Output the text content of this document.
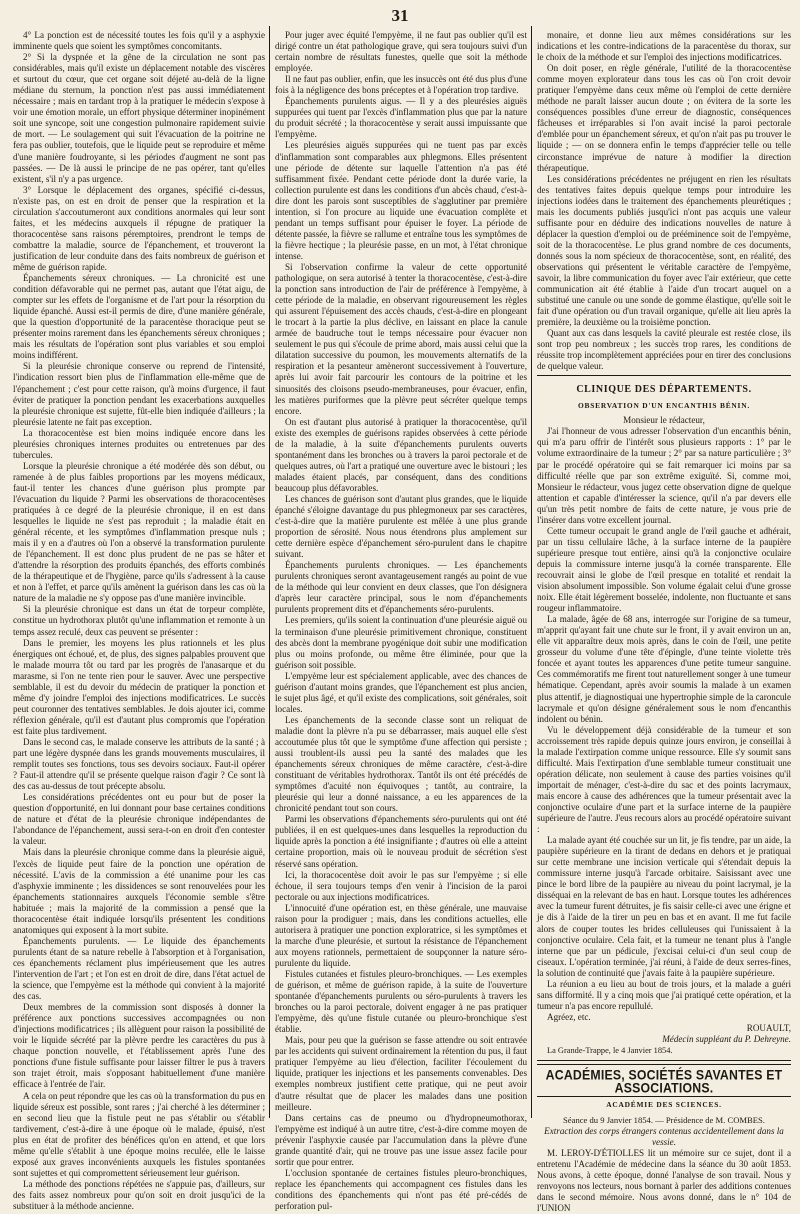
31

4° La ponction est de nécessité toutes les fois qu'il y a asphyxie imminente quels que soient les symptômes concomitants.

2° Si la dyspnée et la gêne de la circulation ne sont pas considérables, mais qu'il existe un déplacement notable des viscères et surtout du cœur, que cet organe soit déjeté au-delà de la ligne médiane du sternum, la ponction n'est pas aussi immédiatement nécessaire ; mais en tardant trop à la pratiquer le médecin s'expose à voir une émotion morale, un effort physique déterminer inopinément soit une syncope, soit une congestion pulmonaire rapidement suivie de mort. — Le soulagement qui suit l'évacuation de la poitrine ne fera pas oublier, toutefois, que le liquide peut se reproduire et même d'une manière foudroyante, si les périodes d'augment ne sont pas passées. — De là aussi le principe de ne pas opérer, tant qu'elles existent, s'il n'y a pas urgence.

3° Lorsque le déplacement des organes, spécifié ci-dessus, n'existe pas, on est en droit de penser que la respiration et la circulation s'accoutumeront aux conditions anormales qui leur sont faites, et les médecins auxquels il répugne de pratiquer la thoracocentèse sans raisons péremptoires, prendront le temps de combattre la maladie, source de l'épanchement, et trouveront la justification de leur conduite dans des faits nombreux de guérison et même de guérison rapide.

Épanchements séreux chroniques. — La chronicité est une condition défavorable qui ne permet pas, autant que l'état aigu, de compter sur les effets de l'organisme et de l'art pour la résorption du liquide épanché. Aussi est-il permis de dire, d'une manière générale, que la question d'opportunité de la paracentèse thoracique peut se présenter moins rarement dans les épanchements séreux chroniques ; mais les résultats de l'opération sont plus variables et sou emploi moins indifférent.

Si la pleurésie chronique conserve ou reprend de l'intensité, l'indication ressort bien plus de l'inflammation elle-même que de l'épanchement ; c'est pour cette raison, qu'à moins d'urgence, il faut éviter de pratiquer la ponction pendant les exacerbations auxquelles la pleurésie chronique est sujette, fût-elle bien indiquée d'ailleurs ; la pleurésie latente ne fait pas exception.

La thoracocentèse est bien moins indiquée encore dans les pleurésies chroniques internes produites ou entretenues par des tubercules.

Lorsque la pleurésie chronique a été modérée dès son début, ou ramenée à de plus faibles proportions par les moyens médicaux, faut-il tenter les chances d'une guérison plus prompte par l'évacuation du liquide ? Parmi les observations de thoracocentèses pratiquées à ce degré de la pleurésie chronique, il en est dans lesquelles le liquide ne s'est pas reproduit ; la maladie était en général récente, et les symptômes d'inflammation presque nuls ; mais il y en a d'autres où l'on a observé la transformation purulente de l'épanchement. Il est donc plus prudent de ne pas se hâter et d'attendre la résorption des produits épanchés, des efforts combinés de la thérapeutique et de l'hygiène, parce qu'ils s'adressent à la cause et non à l'effet, et parce qu'ils amènent la guérison dans les cas où la nature de la maladie ne s'y oppose pas d'une manière invincible.

Si la pleurésie chronique est dans un état de torpeur complète, constitue un hydrothorax plutôt qu'une inflammation et remonte à un temps assez reculé, deux cas peuvent se présenter :

Dans le premier, les moyens les plus rationnels et les plus énergiques ont échoué, et, de plus, des signes palpables prouvent que le malade mourra tôt ou tard par les progrès de l'anasarque et du marasme, si l'on ne tente rien pour le sauver. Avec une perspective semblable, il est du devoir du médecin de pratiquer la ponction et même d'y joindre l'emploi des injections modificatrices. Le succès peut couronner des tentatives semblables. Je dois ajouter ici, comme réflexion générale, qu'il est d'autant plus compromis que l'opération est faite plus tardivement.

Dans le second cas, le malade conserve les attributs de la santé ; à part une légère dyspnée dans les grands mouvements musculaires, il remplit toutes ses fonctions, tous ses devoirs sociaux. Faut-il opérer ? Faut-il attendre qu'il se présente quelque raison d'agir ? Ce sont là des cas au-dessus de tout précepte absolu.

Les considérations précédentes ont eu pour but de poser la question d'opportunité, en lui donnant pour base certaines conditions de nature et d'état de la pleurésie chronique indépendantes de l'abondance de l'épanchement, aussi sera-t-on en droit d'en contester la valeur.

Mais dans la pleurésie chronique comme dans la pleurésie aiguë, l'excès de liquide peut faire de la ponction une opération de nécessité. L'avis de la commission a été unanime pour les cas d'asphyxie imminente ; les dissidences se sont renouvelées pour les épanchements stationnaires auxquels l'économie semble s'être habituée ; mais la majorité de la commission a pensé que la thoracocentèse était indiquée lorsqu'ils présentent les conditions anatomiques qui exposent à la mort subite.

Épanchements purulents. — Le liquide des épanchements purulents étant de sa nature rebelle à l'absorption et à l'organisation, ces épanchements réclament plus impérieusement que les autres l'intervention de l'art ; et l'on est en droit de dire, dans l'état actuel de la science, que l'empyème est la méthode qui convient à la majorité des cas.

Deux membres de la commission sont disposés à donner la préférence aux ponctions successives accompagnées ou non d'injections modificatrices ; ils allèguent pour raison la possibilité de voir le liquide sécrété par la plèvre perdre les caractères du pus à chaque ponction nouvelle, et l'établissement après l'une des ponctions d'une fistule suffisante pour laisser filtrer le pus à travers son trajet étroit, mais s'opposant habituellement d'une manière efficace à l'entrée de l'air.

A cela on peut répondre que les cas où la transformation du pus en liquide séreux est possible, sont rares ; j'ai cherché à les déterminer ; en second lieu que la fistule peut ne pas s'établir ou s'établir tardivement, c'est-à-dire à une époque où le malade, épuisé, n'est plus en état de profiter des bénéfices qu'on en attend, et que lors même qu'elle s'établit à une époque moins reculée, elle le laisse exposé aux graves inconvénients auxquels les fistules spontanées sont sujettes et qui compromettent sérieusement leur guérison.

La méthode des ponctions répétées ne s'appuie pas, d'ailleurs, sur des faits assez nombreux pour qu'on soit en droit jusqu'ici de la substituer à la méthode ancienne.

Pour juger avec équité l'empyème, il ne faut pas oublier qu'il est dirigé contre un état pathologique grave, qui sera toujours suivi d'un certain nombre de résultats funestes, quelle que soit la méthode employée.

Il ne faut pas oublier, enfin, que les insuccès ont été dus plus d'une fois à la négligence des bons préceptes et à l'opération trop tardive.

Épanchements purulents aigus. — Il y a des pleurésies aiguës suppurées qui tuent par l'excès d'inflammation plus que par la nature du produit sécrété ; la thoracocentèse y serait aussi impuissante que l'empyème.

Les pleurésies aiguës suppurées qui ne tuent pas par excès d'inflammation sont comparables aux phlegmons. Elles présentent une période de détente sur laquelle l'attention n'a pas été suffisamment fixée. Pendant cette période dont la durée varie, la collection purulente est dans les conditions d'un abcès chaud, c'est-à-dire dont les parois sont susceptibles de s'agglutiner par première intention, si l'on procure au liquide une évacuation complète et pendant un temps suffisant pour épuiser le foyer. La période de détente passée, la fièvre se rallume et entraîne tous les symptômes de la fièvre hectique ; la pleurésie passe, en un mot, à l'état chronique intense.

Si l'observation confirme la valeur de cette opportunité pathologique, on sera autorisé à tenter la thoracocentèse, c'est-à-dire la ponction sans introduction de l'air de préférence à l'empyème, à cette période de la maladie, en observant rigoureusement les règles qui assurent l'épuisement des accès chauds, c'est-à-dire en plongeant le trocart à la partie la plus déclive, en laissant en place la canule armée de baudruche tout le temps nécessaire pour évacuer non seulement le pus qui s'écoule de prime abord, mais aussi celui que la dilatation successive du poumon, les mouvements alternatifs de la respiration et la pesanteur amèneront successivement à l'ouverture, après lui avoir fait parcourir les contours de la poitrine et les sinuosités des cloisons pseudo-membraneuses, pour évacuer, enfin, les matières puriformes que la plèvre peut sécréter quelque temps encore.

On est d'autant plus autorisé à pratiquer la thoracocentèse, qu'il existe des exemples de guérisons rapides observées à cette période de la maladie, à la suite d'épanchements purulents ouverts spontanément dans les bronches ou à travers la paroi pectorale et de quelques autres, où l'art a pratiqué une ouverture avec le bistouri ; les malades étaient placés, par conséquent, dans des conditions beaucoup plus défavorables.

Les chances de guérison sont d'autant plus grandes, que le liquide épanché s'éloigne davantage du pus phlegmoneux par ses caractères, c'est-à-dire que la matière purulente est mêlée à une plus grande proportion de sérosité. Nous nous étendrons plus amplement sur cette dernière espèce d'épanchement séro-purulent dans le chapitre suivant.

Épanchements purulents chroniques. — Les épanchements purulents chroniques seront avantageusement rangés au point de vue de la méthode qui leur convient en deux classes, que l'on désignera d'après leur caractère principal, sous le nom d'épanchements purulents proprement dits et d'épanchements séro-purulents.

Les premiers, qu'ils soient la continuation d'une pleurésie aiguë ou la terminaison d'une pleurésie primitivement chronique, constituent des abcès dont la membrane pyogénique doit subir une modification plus ou moins profonde, ou même être éliminée, pour que la guérison soit possible.

L'empyème leur est spécialement applicable, avec des chances de guérison d'autant moins grandes, que l'épanchement est plus ancien, le sujet plus âgé, et qu'il existe des complications, soit générales, soit locales.

Les épanchements de la seconde classe sont un reliquat de maladie dont la plèvre n'a pu se débarrasser, mais auquel elle s'est accoutumée plus tôt que le symptôme d'une affection qui persiste ; aussi troublent-ils aussi peu la santé des malades que les épanchements séreux chroniques de même caractère, c'est-à-dire constituant de véritables hydrothorax. Tantôt ils ont été précédés de symptômes d'acuité non équivoques ; tantôt, au contraire, la pleurésie qui leur a donné naissance, a eu les apparences de la chronicité pendant tout son cours.

Parmi les observations d'épanchements séro-purulents qui ont été publiées, il en est quelques-unes dans lesquelles la reproduction du liquide après la ponction a été insignifiante ; d'autres où elle a atteint certaine proportion, mais où le nouveau produit de sécrétion s'est réservé sans opération.

Ici, la thoracocentèse doit avoir le pas sur l'empyème ; si elle échoue, il sera toujours temps d'en venir à l'incision de la paroi pectorale ou aux injections modificatrices.

L'innocuité d'une opération est, en thèse générale, une mauvaise raison pour la prodiguer ; mais, dans les conditions actuelles, elle autorisera à pratiquer une ponction exploratrice, si les symptômes et la marche d'une pleurésie, et surtout la résistance de l'épanchement aux moyens rationnels, permettaient de soupçonner la nature séro-purulente du liquide.

Fistules cutanées et fistules pleuro-bronchiques. — Les exemples de guérison, et même de guérison rapide, à la suite de l'ouverture spontanée d'épanchements purulents ou séro-purulents à travers les bronches ou la paroi pectorale, doivent engager à ne pas pratiquer l'empyème, dès qu'une fistule cutanée ou pleuro-bronchique s'est établie.

Mais, pour peu que la guérison se fasse attendre ou soit entravée par les accidents qui suivent ordinairement la rétention du pus, il faut pratiquer l'empyème au lieu d'élection, faciliter l'écoulement du liquide, pratiquer les injections et les pansements convenables. Des exemples nombreux justifient cette pratique, qui ne peut avoir d'autre résultat que de placer les malades dans une position meilleure.

Dans certains cas de pneumo ou d'hydropneumothorax, l'empyème est indiqué à un autre titre, c'est-à-dire comme moyen de prévenir l'asphyxie causée par l'accumulation dans la plèvre d'une grande quantité d'air, qui ne trouve pas une issue assez facile pour sortir que pour entrer.

L'occlusion spontanée de certaines fistules pleuro-bronchiques, replace les épanchements qui accompagnent ces fistules dans les conditions des épanchements qui n'ont pas été pré-cédés de perforation pul-

monaire, et donne lieu aux mêmes considérations sur les indications et les contre-indications de la paracentèse du thorax, sur le choix de la méthode et sur l'emploi des injections modificatrices.

On doit poser, en règle générale, l'utilité de la thoracocentèse comme moyen explorateur dans tous les cas où l'on croit devoir pratiquer l'empyème dans ceux même où l'emploi de cette dernière méthode ne paraît laisser aucun doute ; on évitera de la sorte les conséquences possibles d'une erreur de diagnostic, conséquences fâcheuses et irréparables si l'on avait incisé la paroi pectorale d'emblée pour un épanchement séreux, et qu'on n'ait pas pu trouver le liquide ; — on se donnera enfin le temps d'apprécier telle ou telle circonstance imprévue de nature à modifier la direction thérapeutique.

Les considérations précédentes ne préjugent en rien les résultats des tentatives faites depuis quelque temps pour introduire les injections iodées dans le traitement des épanchements pleurétiques ; mais les documents publiés jusqu'ici n'ont pas acquis une valeur suffisante pour en déduire des indications nouvelles de nature à déplacer la question d'emploi ou de prééminence soit de l'empyème, soit de la thoracocentèse. Le plus grand nombre de ces documents, donnés sous la nom spécieux de thoracocentèse, sont, en réalité, des observations qui présentent le véritable caractère de l'empyème, savoir, la libre communication du foyer avec l'air extérieur, que cette communication ait été établie à l'aide d'un trocart auquel on a substitué une canule ou une sonde de gomme élastique, qu'elle soit le fait d'une opération ou d'un travail organique, qu'elle ait lieu après la première, la deuxième ou la troisième ponction.

Quant aux cas dans lesquels la cavité pleurale est restée close, ils sont trop peu nombreux ; les succès trop rares, les conditions de réussite trop incomplètement appréciées pour en tirer des conclusions de quelque valeur.

CLINIQUE DES DÉPARTEMENTS.
OBSERVATION D'UN ENCANTHIS BÉNIN.

Monsieur le rédacteur,

J'ai l'honneur de vous adresser l'observation d'un encanthis bénin, qui m'a paru offrir de l'intérêt sous plusieurs rapports : 1° par le volume extraordinaire de la tumeur ; 2° par sa nature particulière ; 3° par le procédé opératoire qui se fait remarquer ici moins par sa difficulté réelle que par son extrême exiguïté. Si, comme moi, Monsieur le rédacteur, vous jugez cette observation digne de quelque attention et capable d'intéresser la science, qu'il n'a par devers elle qu'un très petit nombre de faits de cette nature, je vous prie de l'insérer dans votre excellent journal.

Cette tumeur occupait le grand angle de l'œil gauche et adhérait, par un tissu cellulaire lâche, à la surface interne de la paupière supérieure presque tout entière, ainsi qu'à la conjonctive oculaire depuis la commissure interne jusqu'à la cornée transparente. Elle recouvrait ainsi le globe de l'œil presque en totalité et rendait la vision absolument impossible. Son volume égalait celui d'une grosse noix. Elle était légèrement bosselée, indolente, non fluctuante et sans rougeur inflammatoire.

La malade, âgée de 68 ans, interrogée sur l'origine de sa tumeur, m'apprit qu'ayant fait une chute sur le front, il y avait environ un an, elle vit apparaître deux mois après, dans le coin de l'œil, une petite grosseur du volume d'une tête d'épingle, d'une teinte violette très foncée et ayant toutes les apparences d'une petite tumeur sanguine. Ces commémoratifs me firent tout naturellement songer à une tumeur hématique. Cependant, après avoir soumis la malade à un examen plus attentif, je diagnostiquai une hypertrophie simple de la caroncule lacrymale et qu'on désigne généralement sous le nom d'encanthis indolent ou bénin.

Vu le développement déjà considérable de la tumeur et son accroissement très rapide depuis quinze jours environ, je conseillai à la malade l'extirpation comme unique ressource. Elle s'y soumit sans difficulté. Mais l'extirpation d'une semblable tumeur constituait une opération délicate, non seulement à cause des parties voisines qu'il importait de ménager, c'est-à-dire du sac et des points lacrymaux, mais encore à cause des adhérences que la tumeur présentait avec la conjonctive oculaire d'une part et la surface interne de la paupière supérieure de l'autre. J'eus recours alors au procédé opératoire suivant :

La malade ayant été couchée sur un lit, je fis tendre, par un aide, la paupière supérieure en la tirant de dedans en dehors et je pratiquai sur cette membrane une incision verticale qui s'étendait depuis la commissure interne jusqu'à l'arcade orbitaire. Saisissant avec une pince le bord libre de la paupière au niveau du point lacrymal, je la disséquai en la relevant de bas en haut. Lorsque toutes les adhérences avec la tumeur furent détruites, je fis saisir celle-ci avec une érigne et je dis à l'aide de la tirer un peu en bas et en avant. Il me fut facile alors de couper toutes les brides celluleuses qui l'unissaient à la conjonctive oculaire. Cela fait, et la tumeur ne tenant plus à l'angle interne que par un pédicule, j'excisai celui-ci d'un seul coup de ciseaux. L'opération terminée, j'ai réuni, à l'aide de deux serres-fines, la solution de continuité que j'avais faite à la paupière supérieure.

La réunion a eu lieu au bout de trois jours, et la malade a guéri sans difformité. Il y a cinq mois que j'ai pratiqué cette opération, et la tumeur n'a pas encore repullulé.

Agréez, etc.

ROUAULT,

Médecin suppléant du P. Dehreyne.

La Grande-Trappe, le 4 Janvier 1854.

ACADÉMIES, SOCIÉTÉS SAVANTES ET ASSOCIATIONS.
ACADÉMIE DES SCIENCES.

Séance du 9 Janvier 1854. — Présidence de M. COMBES.

Extraction des corps étrangers contenus accidentellement dans la vessie.

M. LEROY-D'ÉTIOLLES lit un mémoire sur ce sujet, dont il a entretenu l'Académie de médecine dans la séance du 30 août 1853. Nous avons, à cette époque, donné l'analyse de son travail. Nous y renvoyons nos lecteurs, nous bornant à parler des additions contenues dans le second mémoire. Nous avons donné, dans le n° 104 de l'UNION
